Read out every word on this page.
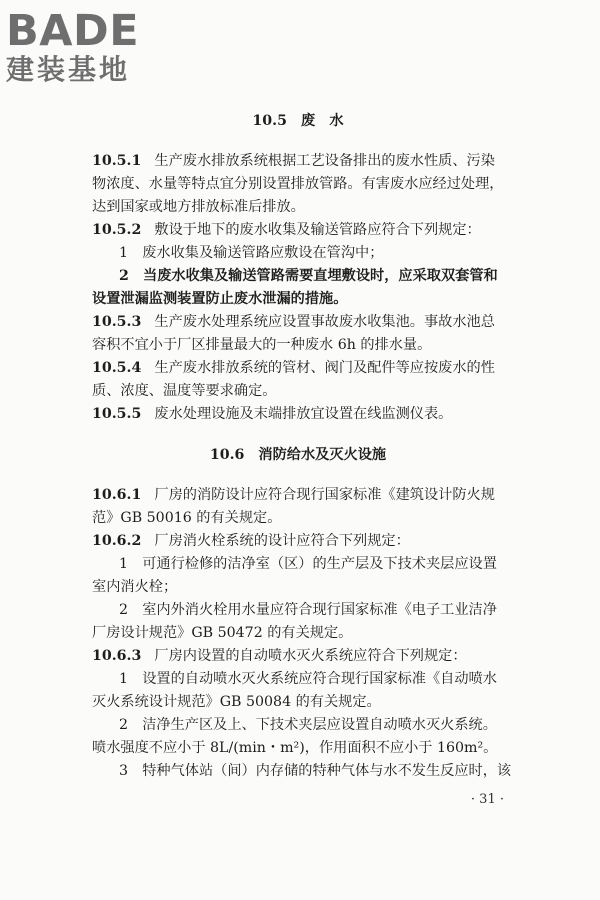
BADE
建装基地
10.5 废　水
10.5.1 生产废水排放系统根据工艺设备排出的废水性质、污染
物浓度、水量等特点宜分别设置排放管路。有害废水应经过处理，
达到国家或地方排放标准后排放。
10.5.2 敷设于地下的废水收集及输送管路应符合下列规定：
1　废水收集及输送管路应敷设在管沟中；
2　当废水收集及输送管路需要直埋敷设时，应采取双套管和
设置泄漏监测装置防止废水泄漏的措施。
10.5.3 生产废水处理系统应设置事故废水收集池。事故水池总
容积不宜小于厂区排量最大的一种废水 6h 的排水量。
10.5.4 生产废水排放系统的管材、阀门及配件等应按废水的性
质、浓度、温度等要求确定。
10.5.5 废水处理设施及末端排放宜设置在线监测仪表。
10.6 消防给水及灭火设施
10.6.1 厂房的消防设计应符合现行国家标准《建筑设计防火规
范》GB 50016 的有关规定。
10.6.2 厂房消火栓系统的设计应符合下列规定：
1　可通行检修的洁净室（区）的生产层及下技术夹层应设置
室内消火栓；
2　室内外消火栓用水量应符合现行国家标准《电子工业洁净
厂房设计规范》GB 50472 的有关规定。
10.6.3 厂房内设置的自动喷水灭火系统应符合下列规定：
1　设置的自动喷水灭火系统应符合现行国家标准《自动喷水
灭火系统设计规范》GB 50084 的有关规定。
2　洁净生产区及上、下技术夹层应设置自动喷水灭火系统。
喷水强度不应小于 8L/(min・m²)，作用面积不应小于 160m²。
3　特种气体站（间）内存储的特种气体与水不发生反应时，该
· 31 ·
